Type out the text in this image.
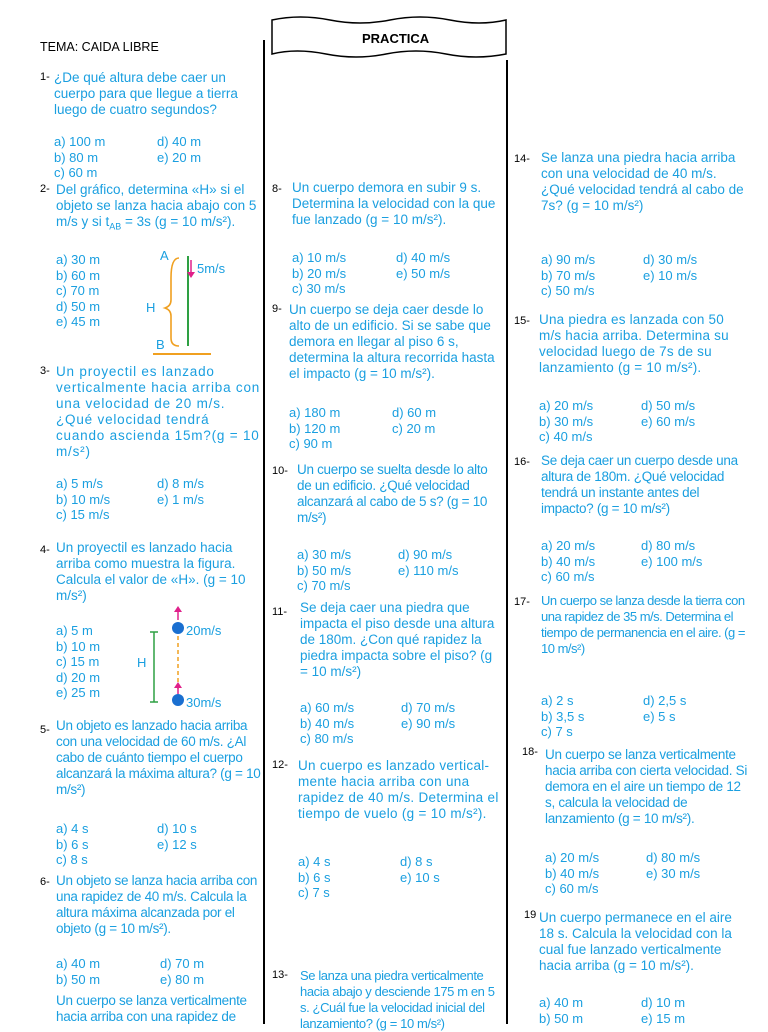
TEMA: CAIDA LIBRE
PRACTICA
1- ¿De qué altura debe caer un cuerpo para que llegue a tierra luego de cuatro segundos?
a) 100 m
b) 80 m
c) 60 m
d) 40 m
e) 20 m
2- Del gráfico, determina «H» si el objeto se lanza hacia abajo con 5 m/s y si $t_{AB} = 3s$ (g = 10 m/s²).
a) 30 m
b) 60 m
c) 70 m
d) 50 m
e) 45 m
A
B
H
5m/s
3- Un proyectil es lanzado verticalmente hacia arriba con una velocidad de 20 m/s. ¿Qué velocidad tendrá cuando ascienda 15m?(g = 10 m/s²)
a) 5 m/s
b) 10 m/s
c) 15 m/s
d) 8 m/s
e) 1 m/s
4- Un proyectil es lanzado hacia arriba como muestra la figura. Calcula el valor de «H». (g = 10 m/s²)
a) 5 m
b) 10 m
c) 15 m
d) 20 m
e) 25 m
H
20m/s
30m/s
5- Un objeto es lanzado hacia arriba con una velocidad de 60 m/s. ¿Al cabo de cuánto tiempo el cuerpo alcanzará la máxima altura? (g = 10 m/s²)
a) 4 s
b) 6 s
c) 8 s
d) 10 s
e) 12 s
6- Un objeto se lanza hacia arriba con una rapidez de 40 m/s. Calcula la altura máxima alcanzada por el objeto (g = 10 m/s²).
a) 40 m
b) 50 m
d) 70 m
e) 80 m
Un cuerpo se lanza verticalmente hacia arriba con una rapidez de
8- Un cuerpo demora en subir 9 s. Determina la velocidad con la que fue lanzado (g = 10 m/s²).
a) 10 m/s
b) 20 m/s
c) 30 m/s
d) 40 m/s
e) 50 m/s
9- Un cuerpo se deja caer desde lo alto de un edificio. Si se sabe que demora en llegar al piso 6 s, determina la altura recorrida hasta el impacto (g = 10 m/s²).
a) 180 m
b) 120 m
c) 90 m
d) 60 m
c) 20 m
10- Un cuerpo se suelta desde lo alto de un edificio. ¿Qué velocidad alcanzará al cabo de 5 s? (g = 10 m/s²)
a) 30 m/s
b) 50 m/s
c) 70 m/s
d) 90 m/s
e) 110 m/s
11- Se deja caer una piedra que impacta el piso desde una altura de 180m. ¿Con qué rapidez la piedra impacta sobre el piso? (g = 10 m/s²)
a) 60 m/s
b) 40 m/s
c) 80 m/s
d) 70 m/s
e) 90 m/s
12- Un cuerpo es lanzado vertical- mente hacia arriba con una rapidez de 40 m/s. Determina el tiempo de vuelo (g = 10 m/s²).
a) 4 s
b) 6 s
c) 7 s
d) 8 s
e) 10 s
13- Se lanza una piedra verticalmente hacia abajo y desciende 175 m en 5 s. ¿Cuál fue la velocidad inicial del lanzamiento? (g = 10 m/s²)
14- Se lanza una piedra hacia arriba con una velocidad de 40 m/s. ¿Qué velocidad tendrá al cabo de 7s? (g = 10 m/s²)
a) 90 m/s
b) 70 m/s
c) 50 m/s
d) 30 m/s
e) 10 m/s
15- Una piedra es lanzada con 50 m/s hacia arriba. Determina su velocidad luego de 7s de su lanzamiento (g = 10 m/s²).
a) 20 m/s
b) 30 m/s
c) 40 m/s
d) 50 m/s
e) 60 m/s
16- Se deja caer un cuerpo desde una altura de 180m. ¿Qué velocidad tendrá un instante antes del impacto? (g = 10 m/s²)
a) 20 m/s
b) 40 m/s
c) 60 m/s
d) 80 m/s
e) 100 m/s
17- Un cuerpo se lanza desde la tierra con una rapidez de 35 m/s. Determina el tiempo de permanencia en el aire. (g = 10 m/s²)
a) 2 s
b) 3,5 s
c) 7 s
d) 2,5 s
e) 5 s
18- Un cuerpo se lanza verticalmente hacia arriba con cierta velocidad. Si demora en el aire un tiempo de 12 s, calcula la velocidad de lanzamiento (g = 10 m/s²).
a) 20 m/s
b) 40 m/s
c) 60 m/s
d) 80 m/s
e) 30 m/s
19 Un cuerpo permanece en el aire 18 s. Calcula la velocidad con la cual fue lanzado verticalmente hacia arriba (g = 10 m/s²).
a) 40 m
b) 50 m
d) 10 m
e) 15 m
